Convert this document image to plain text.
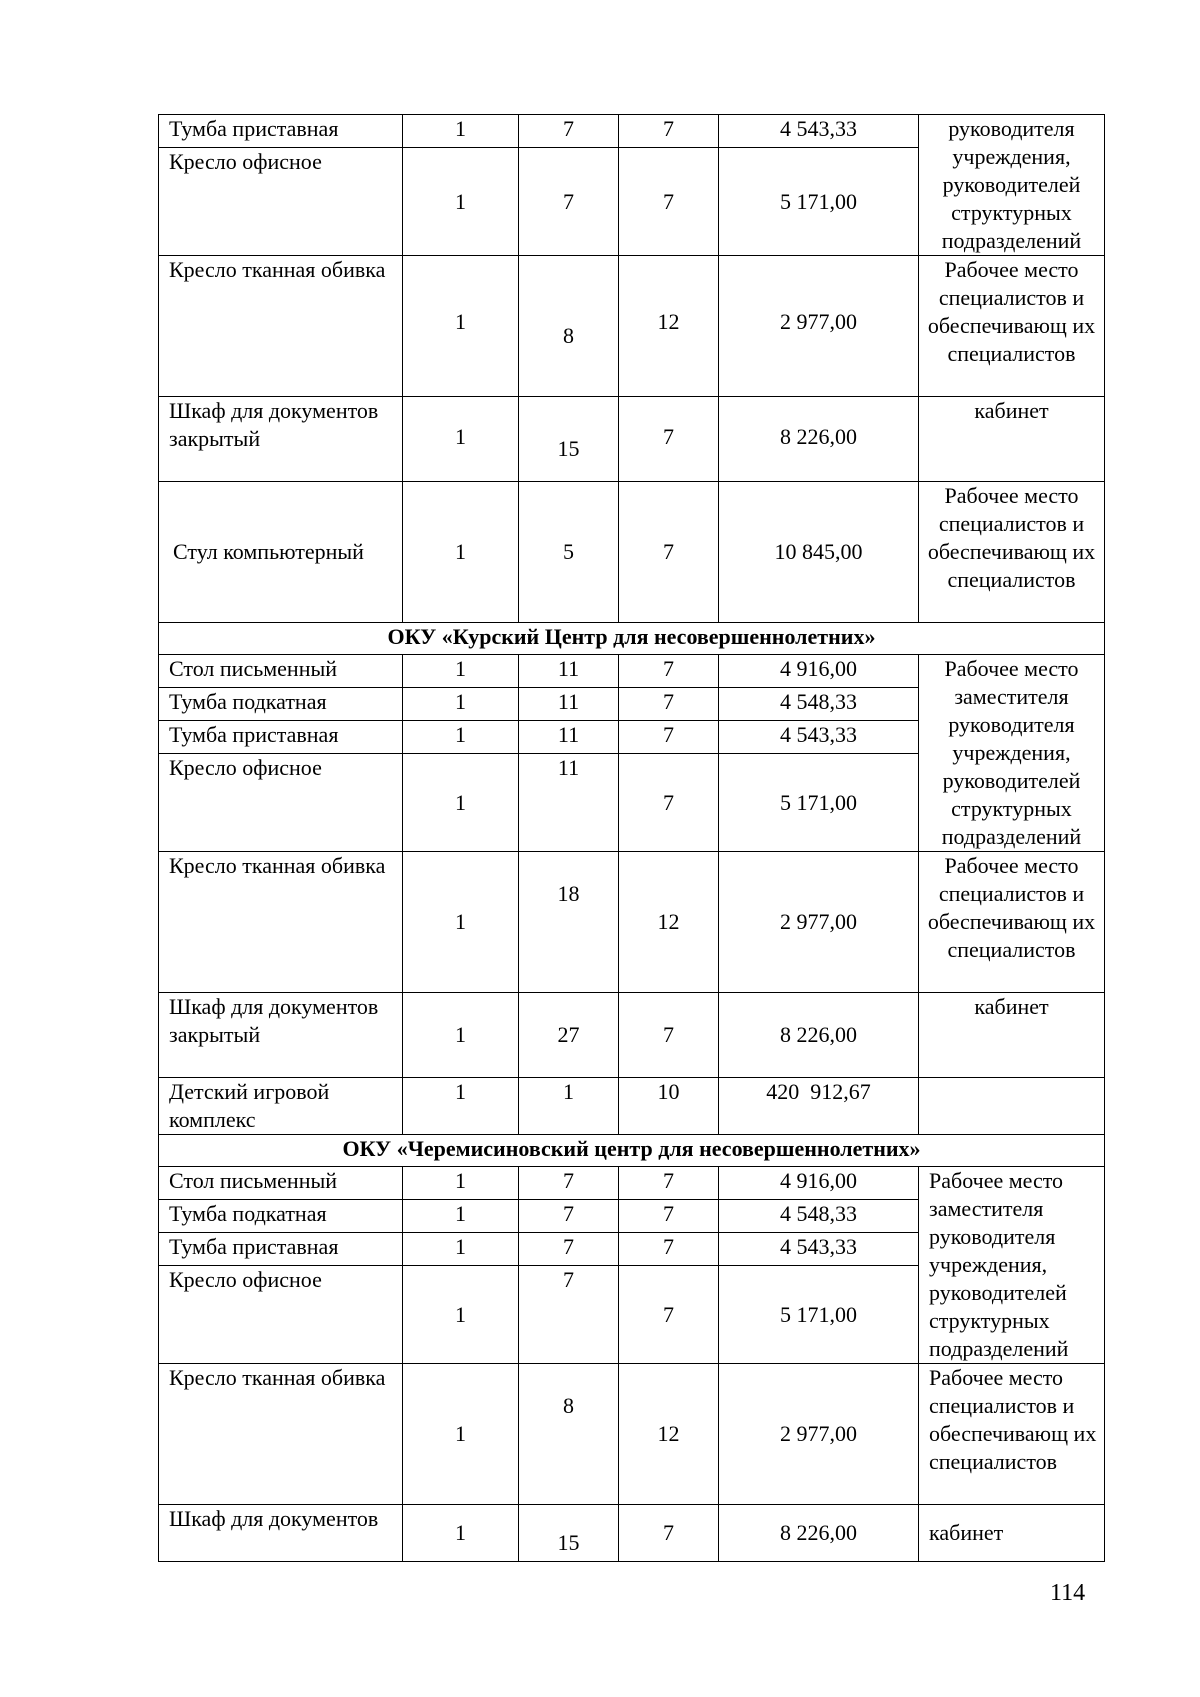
Тумба приставная	1	7	7	4 543,33	руководителя учреждения, руководителей структурных подразделений
Кресло офисное	1	7	7	5 171,00	
Кресло тканная обивка	1	8	12	2 977,00	Рабочее место специалистов и обеспечивающ их специалистов
Шкаф для документов закрытый	1	15	7	8 226,00	кабинет
Стул компьютерный	1	5	7	10 845,00	Рабочее место специалистов и обеспечивающ их специалистов
ОКУ «Курский Центр для несовершеннолетних»					
Стол письменный	1	11	7	4 916,00	Рабочее место заместителя руководителя учреждения, руководителей структурных подразделений
Тумба подкатная	1	11	7	4 548,33	
Тумба приставная	1	11	7	4 543,33	
Кресло офисное	1	11	7	5 171,00	
Кресло тканная обивка	1	18	12	2 977,00	Рабочее место специалистов и обеспечивающ их специалистов
Шкаф для документов закрытый	1	27	7	8 226,00	кабинет
Детский игровой комплекс	1	1	10	420  912,67	
ОКУ «Черемисиновский центр для несовершеннолетних»					
Стол письменный	1	7	7	4 916,00	Рабочее место заместителя руководителя учреждения, руководителей структурных подразделений
Тумба подкатная	1	7	7	4 548,33	
Тумба приставная	1	7	7	4 543,33	
Кресло офисное	1	7	7	5 171,00	
Кресло тканная обивка	1	8	12	2 977,00	Рабочее место специалистов и обеспечивающ их специалистов
Шкаф для документов	1	15	7	8 226,00	кабинет
114
